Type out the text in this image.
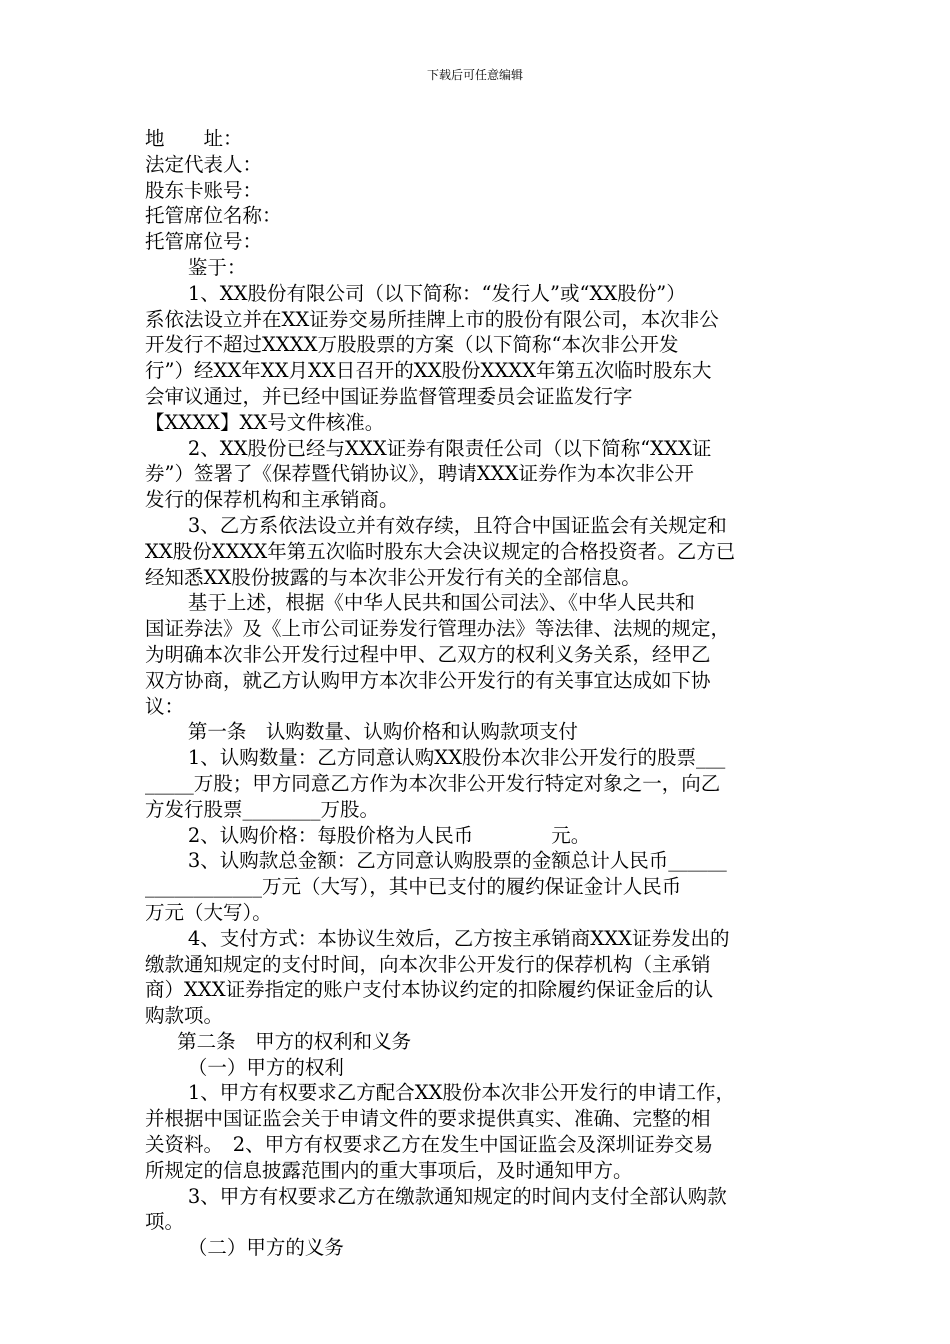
下载后可任意编辑
地　　址：
法定代表人：
股东卡账号：
托管席位名称：
托管席位号：
鉴于：
1、XX股份有限公司（以下简称：“发行人”或“XX股份”）
系依法设立并在XX证券交易所挂牌上市的股份有限公司，本次非公
开发行不超过XXXX万股股票的方案（以下简称“本次非公开发
行”）经XX年XX月XX日召开的XX股份XXXX年第五次临时股东大
会审议通过，并已经中国证券监督管理委员会证监发行字
【XXXX】XX号文件核准。
2、XX股份已经与XXX证券有限责任公司（以下简称“XXX证
券”）签署了《保荐暨代销协议》，聘请XXX证券作为本次非公开
发行的保荐机构和主承销商。
3、乙方系依法设立并有效存续，且符合中国证监会有关规定和
XX股份XXXX年第五次临时股东大会决议规定的合格投资者。乙方已
经知悉XX股份披露的与本次非公开发行有关的全部信息。
基于上述，根据《中华人民共和国公司法》、《中华人民共和
国证券法》及《上市公司证券发行管理办法》等法律、法规的规定，
为明确本次非公开发行过程中甲、乙双方的权利义务关系，经甲乙
双方协商，就乙方认购甲方本次非公开发行的有关事宜达成如下协
议：
第一条　认购数量、认购价格和认购款项支付
1、认购数量：乙方同意认购XX股份本次非公开发行的股票___
_____万股；甲方同意乙方作为本次非公开发行特定对象之一，向乙
方发行股票________万股。
2、认购价格：每股价格为人民币　　　　元。
3、认购款总金额：乙方同意认购股票的金额总计人民币______
____________万元（大写），其中已支付的履约保证金计人民币
万元（大写）。
4、支付方式：本协议生效后，乙方按主承销商XXX证券发出的
缴款通知规定的支付时间，向本次非公开发行的保荐机构（主承销
商）XXX证券指定的账户支付本协议约定的扣除履约保证金后的认
购款项。
第二条　甲方的权利和义务
（一）甲方的权利
1、甲方有权要求乙方配合XX股份本次非公开发行的申请工作，
并根据中国证监会关于申请文件的要求提供真实、准确、完整的相
关资料。　2、甲方有权要求乙方在发生中国证监会及深圳证券交易
所规定的信息披露范围内的重大事项后，及时通知甲方。
3、甲方有权要求乙方在缴款通知规定的时间内支付全部认购款
项。
（二）甲方的义务
